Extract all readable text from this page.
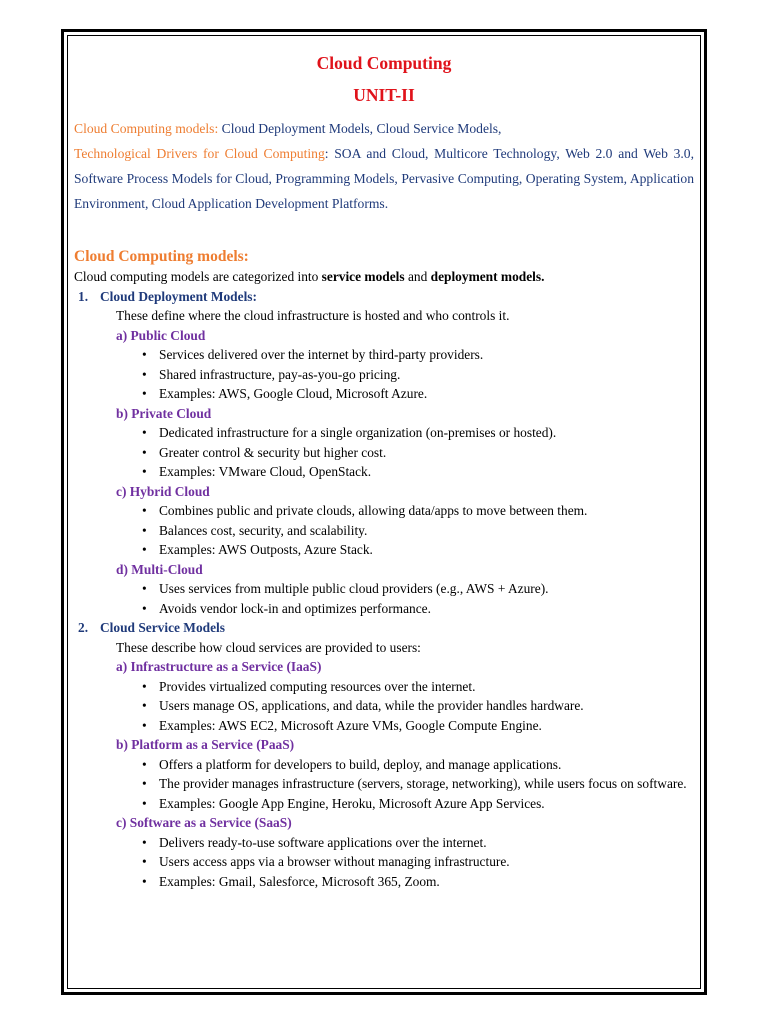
Cloud Computing
UNIT-II

Cloud Computing models: Cloud Deployment Models, Cloud Service Models,

Technological Drivers for Cloud Computing: SOA and Cloud, Multicore Technology, Web 2.0 and Web 3.0, Software Process Models for Cloud, Programming Models, Pervasive Computing, Operating System, Application Environment, Cloud Application Development Platforms.

Cloud Computing models:

Cloud computing models are categorized into service models and deployment models.

1. Cloud Deployment Models:
These define where the cloud infrastructure is hosted and who controls it.
a) Public Cloud
• Services delivered over the internet by third-party providers.
• Shared infrastructure, pay-as-you-go pricing.
• Examples: AWS, Google Cloud, Microsoft Azure.
b) Private Cloud
• Dedicated infrastructure for a single organization (on-premises or hosted).
• Greater control & security but higher cost.
• Examples: VMware Cloud, OpenStack.
c) Hybrid Cloud
• Combines public and private clouds, allowing data/apps to move between them.
• Balances cost, security, and scalability.
• Examples: AWS Outposts, Azure Stack.
d) Multi-Cloud
• Uses services from multiple public cloud providers (e.g., AWS + Azure).
• Avoids vendor lock-in and optimizes performance.
2. Cloud Service Models
These describe how cloud services are provided to users:
a) Infrastructure as a Service (IaaS)
• Provides virtualized computing resources over the internet.
• Users manage OS, applications, and data, while the provider handles hardware.
• Examples: AWS EC2, Microsoft Azure VMs, Google Compute Engine.
b) Platform as a Service (PaaS)
• Offers a platform for developers to build, deploy, and manage applications.
• The provider manages infrastructure (servers, storage, networking), while users focus on software.
• Examples: Google App Engine, Heroku, Microsoft Azure App Services.
c) Software as a Service (SaaS)
• Delivers ready-to-use software applications over the internet.
• Users access apps via a browser without managing infrastructure.
• Examples: Gmail, Salesforce, Microsoft 365, Zoom.
